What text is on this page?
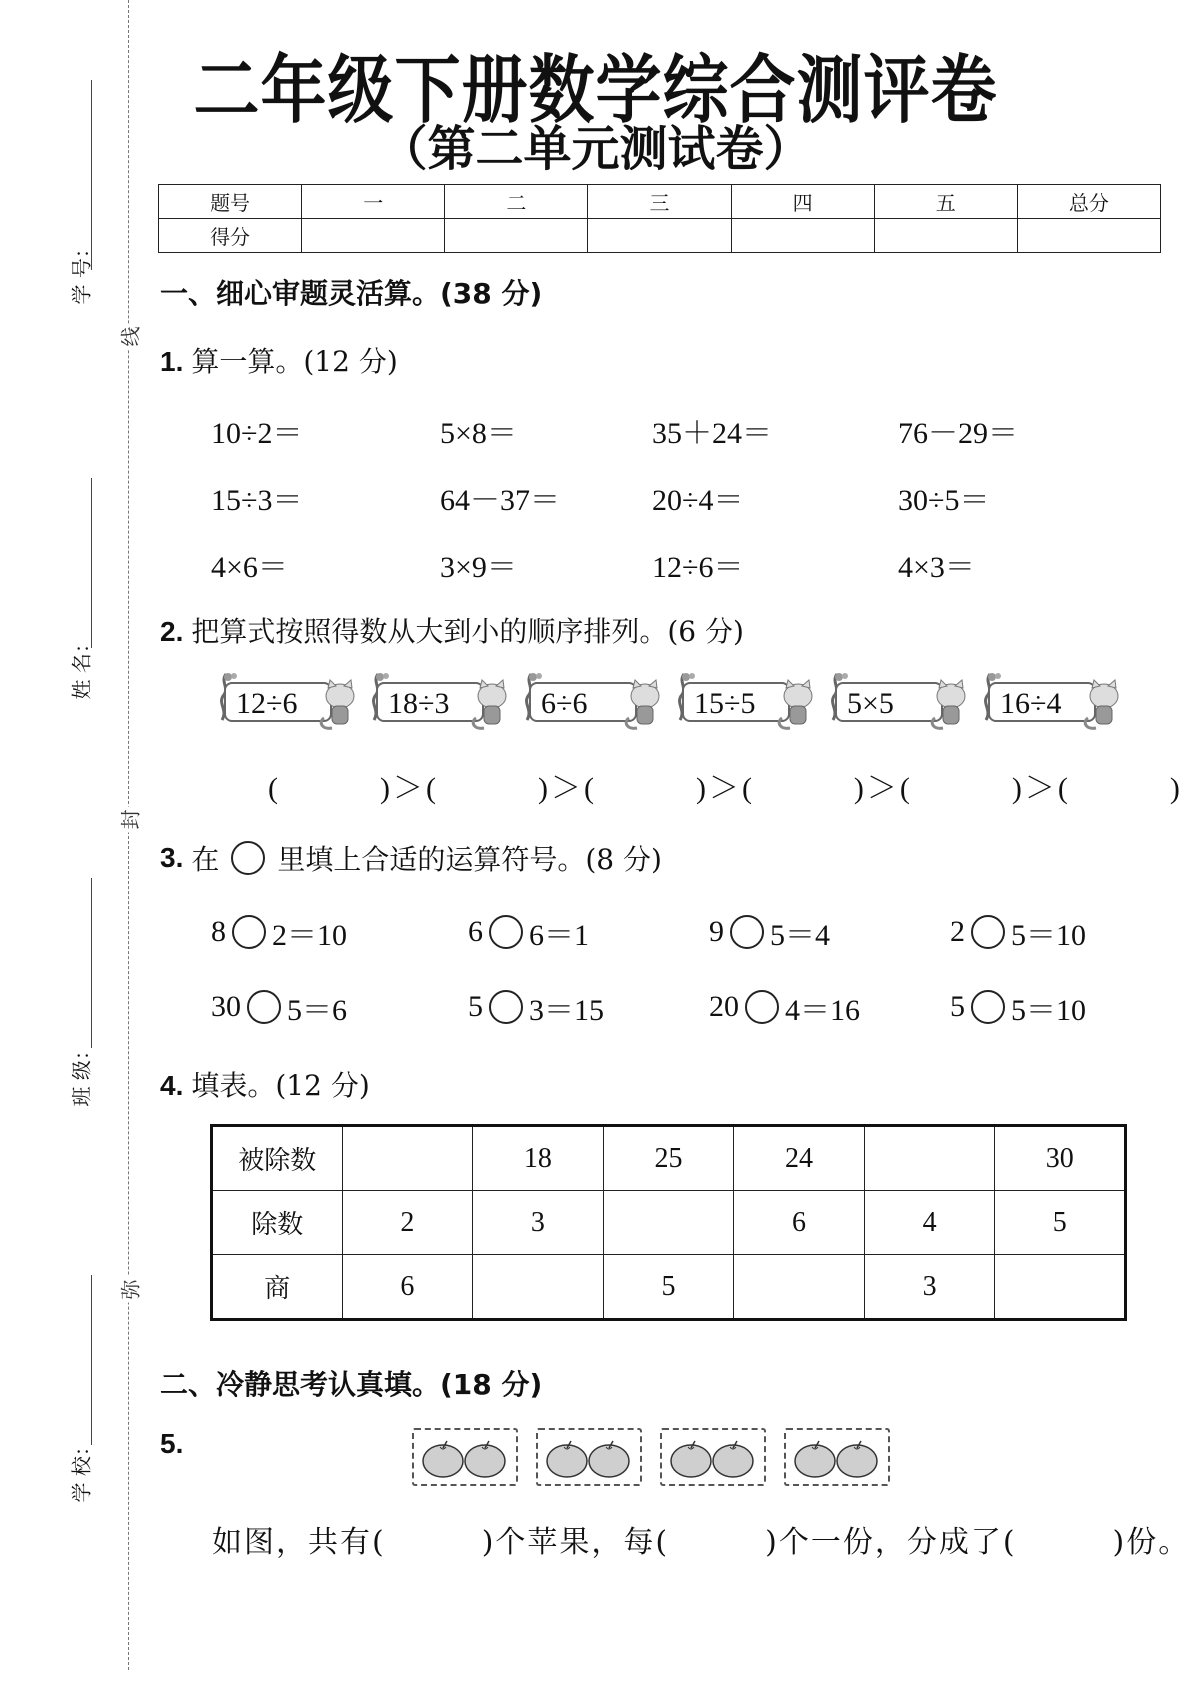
学 号：
姓 名：
班 级：
学 校：
线
封
弥
二年级下册数学综合测评卷
（第二单元测试卷）
题号	一	二	三	四	五	总分
得分						
一、细心审题灵活算。(38 分)
1. 算一算。(12 分)
10÷2＝	5×8＝	35＋24＝	76－29＝
15÷3＝	64－37＝	20÷4＝	30÷5＝
4×6＝	3×9＝	12÷6＝	4×3＝
2. 把算式按照得数从大到小的顺序排列。(6 分)
12÷6	18÷3	6÷6	15÷5	5×5	16÷4
(　　　)＞(　　　)＞(　　　)＞(　　　)＞(　　　)＞(　　　)
3. 在 里填上合适的运算符号。(8 分)
8 2＝10	6 6＝1	9 5＝4	2 5＝10
30 5＝6	5 3＝15	20 4＝16	5 5＝10
4. 填表。(12 分)
被除数		18	25	24		30
除数	2	3		6	4	5
商	6		5		3	
二、冷静思考认真填。(18 分)
5.
如图，共有(　　　)个苹果，每(　　　)个一份，分成了(　　　)份。
